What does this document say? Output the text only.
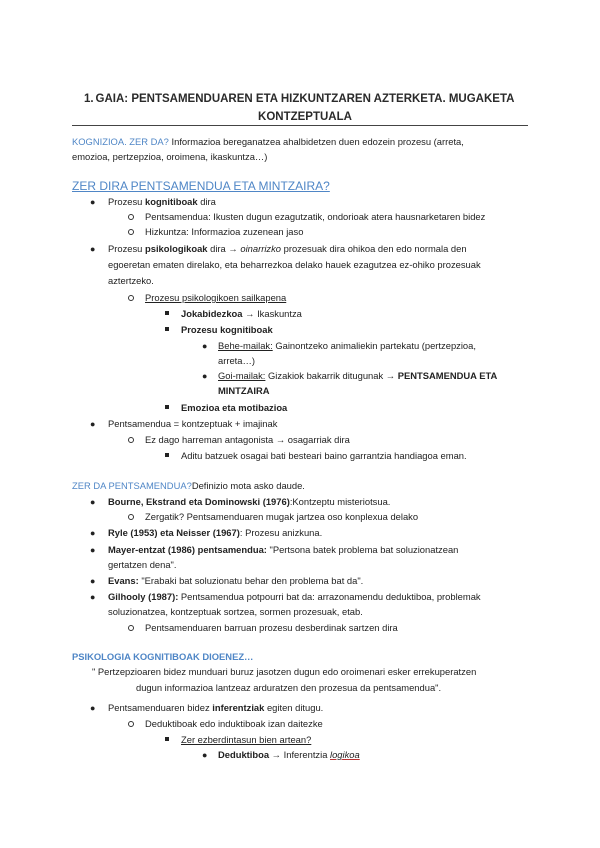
1. GAIA: PENTSAMENDUAREN ETA HIZKUNTZAREN AZTERKETA. MUGAKETA
KONTZEPTUALA
KOGNIZIOA. ZER DA? Informazioa bereganatzea ahalbidetzen duen edozein prozesu (arreta,
emozioa, pertzepzioa, oroimena, ikaskuntza…)
ZER DIRA PENTSAMENDUA ETA MINTZAIRA?
● Prozesu kognitiboak dira
Pentsamendua: Ikusten dugun ezagutzatik, ondorioak atera hausnarketaren bidez
Hizkuntza: Informazioa zuzenean jaso
● Prozesu psikologikoak dira → oinarrizko prozesuak dira ohikoa den edo normala den
egoeretan ematen direlako, eta beharrezkoa delako hauek ezagutzea ez-ohiko prozesuak
aztertzeko.
Prozesu psikologikoen sailkapena
Jokabidezkoa → Ikaskuntza
Prozesu kognitiboak
● Behe-mailak: Gainontzeko animaliekin partekatu (pertzepzioa,
arreta…)
● Goi-mailak: Gizakiok bakarrik ditugunak → PENTSAMENDUA ETA
MINTZAIRA
Emozioa eta motibazioa
● Pentsamendua = kontzeptuak + imajinak
Ez dago harreman antagonista → osagarriak dira
Aditu batzuek osagai bati besteari baino garrantzia handiagoa eman.
ZER DA PENTSAMENDUA?Definizio mota asko daude.
● Bourne, Ekstrand eta Dominowski (1976):Kontzeptu misteriotsua.
Zergatik? Pentsamenduaren mugak jartzea oso konplexua delako
● Ryle (1953) eta Neisser (1967): Prozesu anizkuna.
● Mayer-entzat (1986) pentsamendua: "Pertsona batek problema bat soluzionatzean
gertatzen dena".
● Evans: "Erabaki bat soluzionatu behar den problema bat da".
● Gilhooly (1987): Pentsamendua potpourri bat da: arrazonamendu deduktiboa, problemak
soluzionatzea, kontzeptuak sortzea, sormen prozesuak, etab.
Pentsamenduaren barruan prozesu desberdinak sartzen dira
PSIKOLOGIA KOGNITIBOAK DIOENEZ…
" Pertzepzioaren bidez munduari buruz jasotzen dugun edo oroimenari esker errekuperatzen
dugun informazioa lantzeaz arduratzen den prozesua da pentsamendua".
● Pentsamenduaren bidez inferentziak egiten ditugu.
Deduktiboak edo induktiboak izan daitezke
Zer ezberdintasun bien artean?
● Deduktiboa → Inferentzia logikoa
